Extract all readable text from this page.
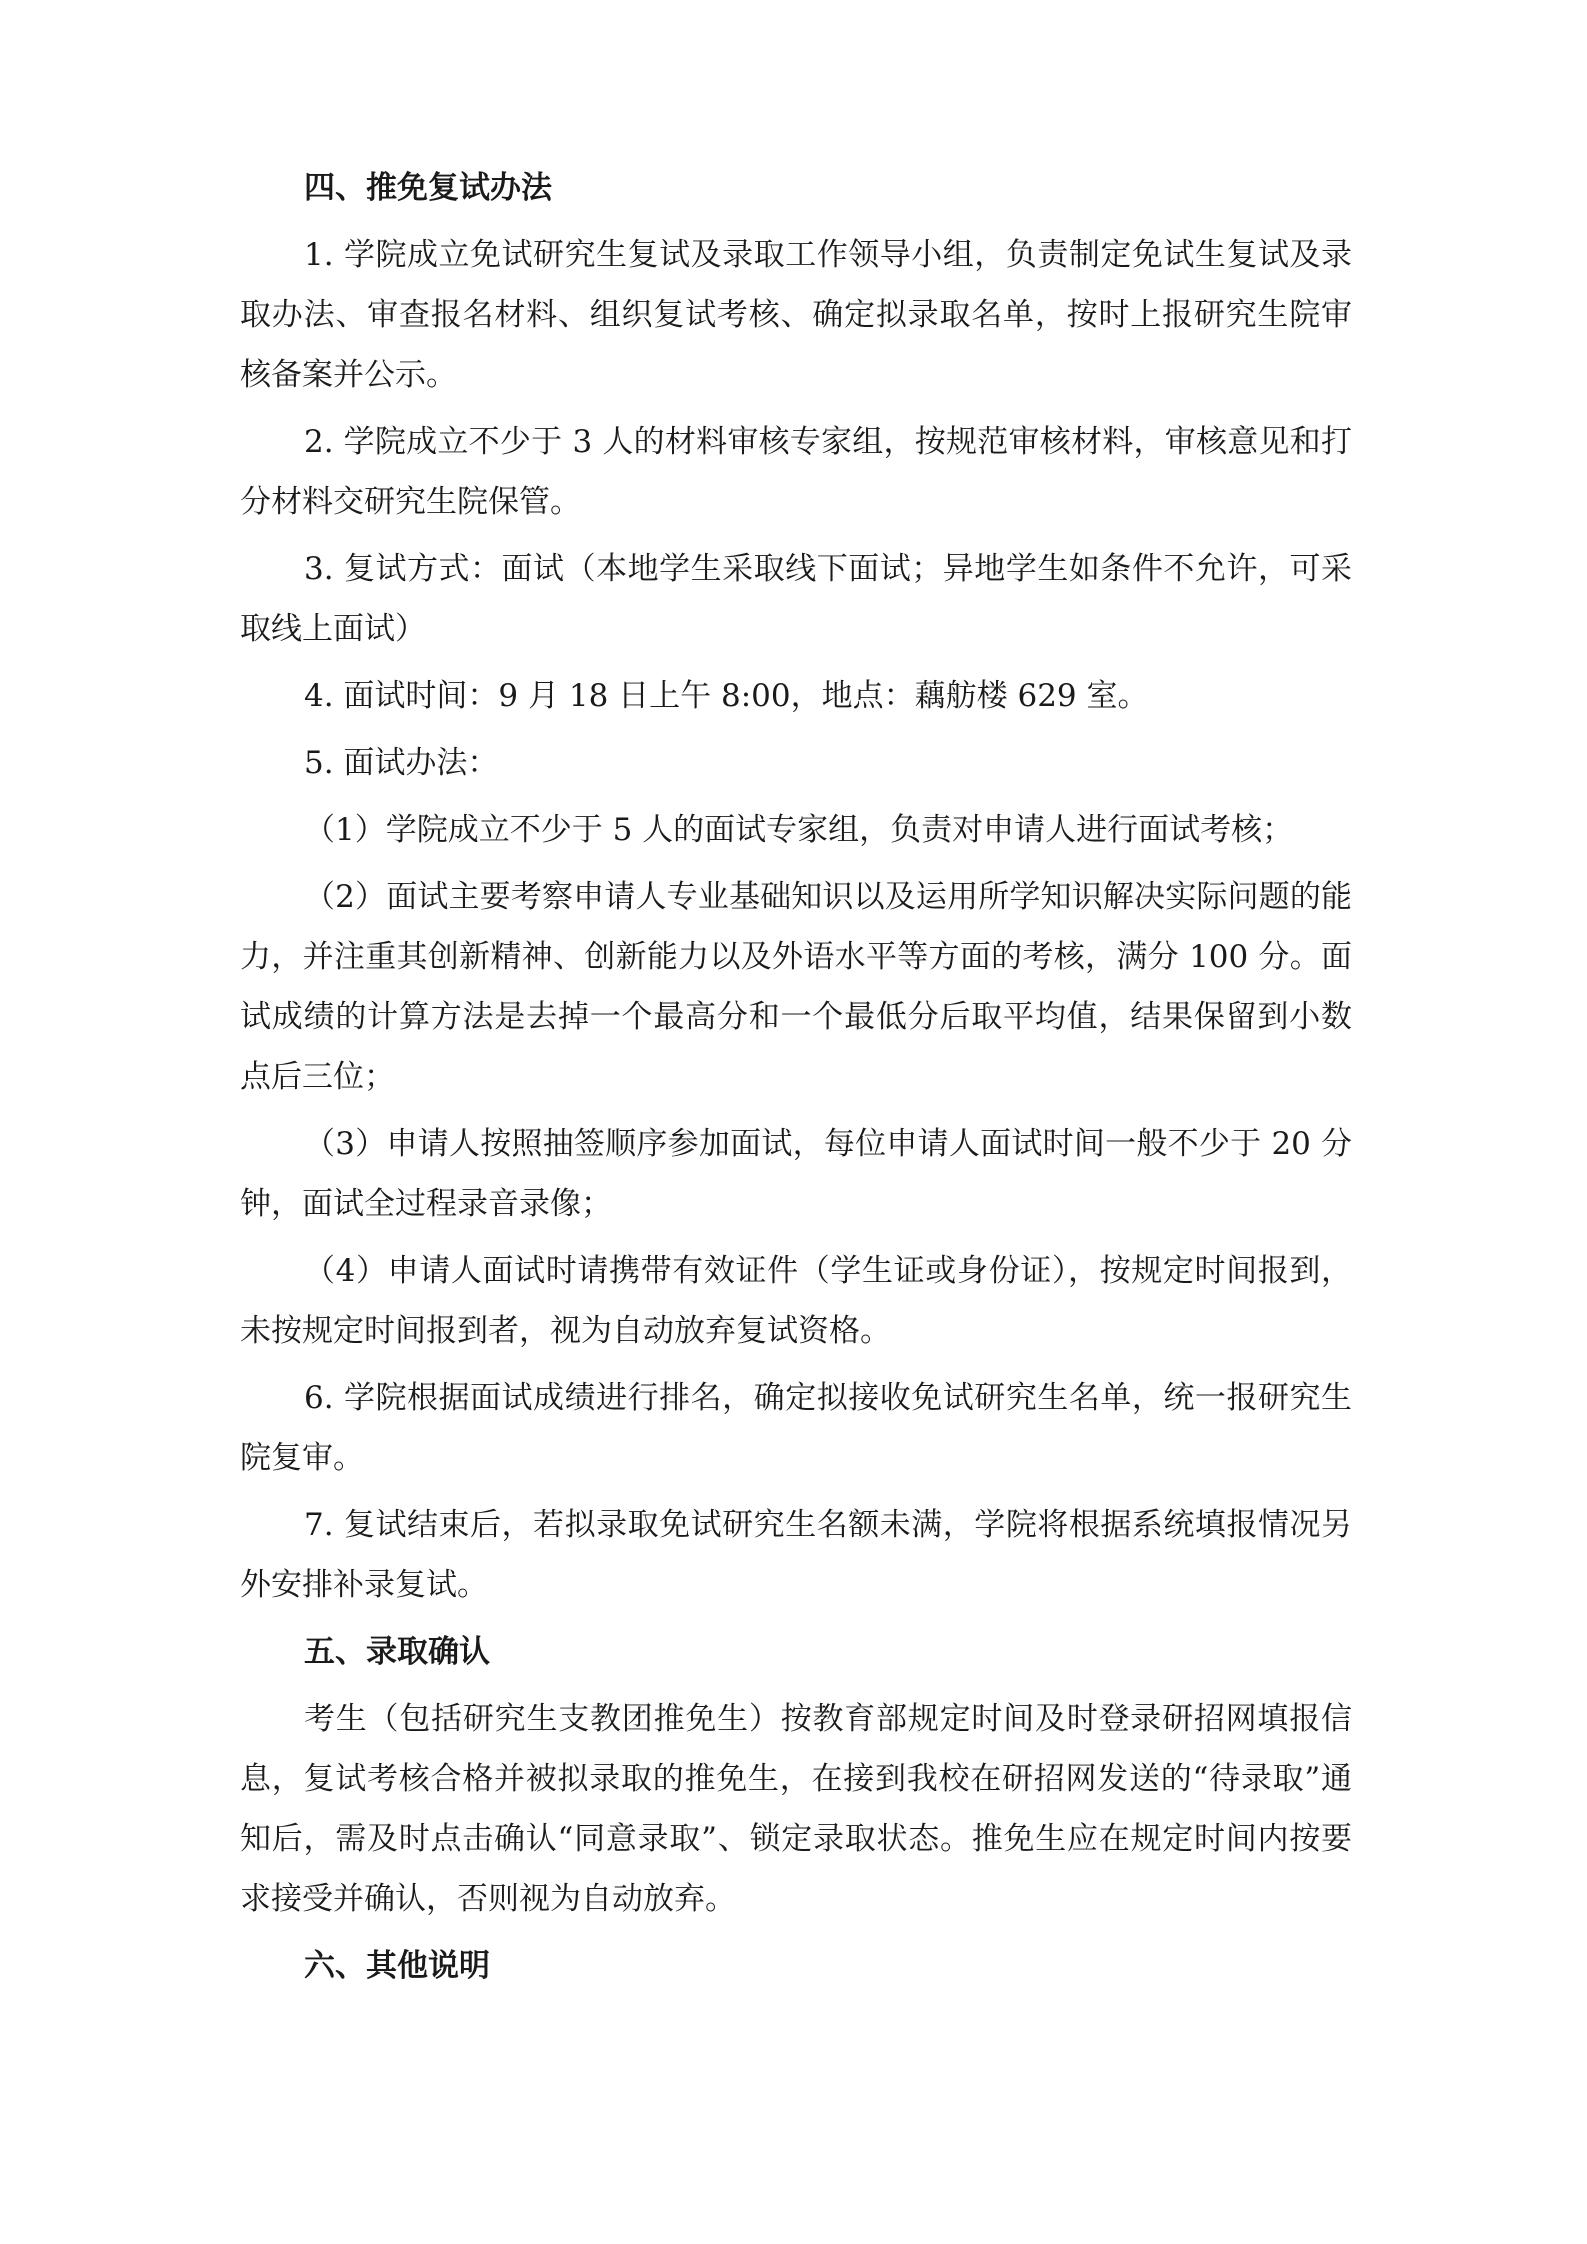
四、推免复试办法
1. 学院成立免试研究生复试及录取工作领导小组，负责制定免试生复试及录取办法、审查报名材料、组织复试考核、确定拟录取名单，按时上报研究生院审核备案并公示。
2. 学院成立不少于 3 人的材料审核专家组，按规范审核材料，审核意见和打分材料交研究生院保管。
3. 复试方式：面试（本地学生采取线下面试；异地学生如条件不允许，可采取线上面试）
4. 面试时间：9 月 18 日上午 8:00，地点：藕舫楼 629 室。
5. 面试办法：
（1）学院成立不少于 5 人的面试专家组，负责对申请人进行面试考核；
（2）面试主要考察申请人专业基础知识以及运用所学知识解决实际问题的能力，并注重其创新精神、创新能力以及外语水平等方面的考核，满分 100 分。面试成绩的计算方法是去掉一个最高分和一个最低分后取平均值，结果保留到小数点后三位；
（3）申请人按照抽签顺序参加面试，每位申请人面试时间一般不少于 20 分钟，面试全过程录音录像；
（4）申请人面试时请携带有效证件（学生证或身份证），按规定时间报到，未按规定时间报到者，视为自动放弃复试资格。
6. 学院根据面试成绩进行排名，确定拟接收免试研究生名单，统一报研究生院复审。
7. 复试结束后，若拟录取免试研究生名额未满，学院将根据系统填报情况另外安排补录复试。
五、录取确认
考生（包括研究生支教团推免生）按教育部规定时间及时登录研招网填报信息，复试考核合格并被拟录取的推免生，在接到我校在研招网发送的“待录取”通知后，需及时点击确认“同意录取”、锁定录取状态。推免生应在规定时间内按要求接受并确认，否则视为自动放弃。
六、其他说明
